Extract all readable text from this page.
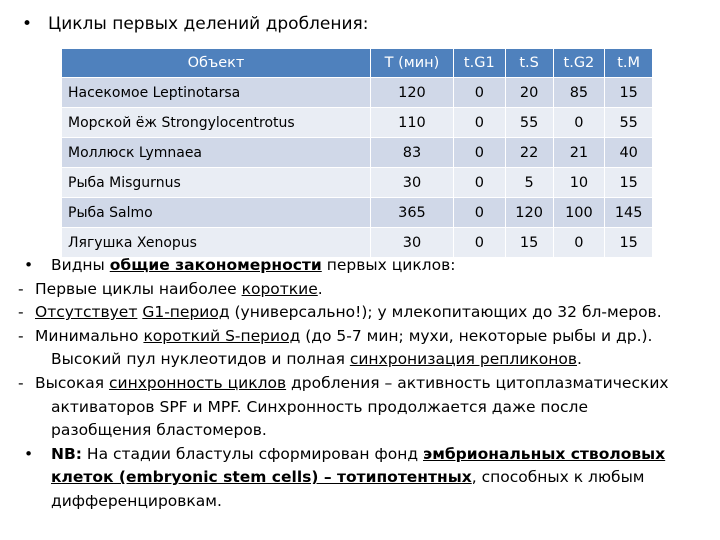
• Циклы первых делений дробления:
Объект	Т (мин)	t.G1	t.S	t.G2	t.M
Насекомое Leptinotarsa	120	0	20	85	15
Морской ёж Strongylocentrotus	110	0	55	0	55
Моллюск Lymnaea	83	0	22	21	40
Рыба Misgurnus	30	0	5	10	15
Рыба Salmo	365	0	120	100	145
Лягушка Xenopus	30	0	15	0	15
• Видны общие закономерности первых циклов:
- Первые циклы наиболее короткие.
- Отсутствует G1-период (универсально!); у млекопитающих до 32 бл-меров.
- Минимально короткий S-период (до 5-7 мин; мухи, некоторые рыбы и др.).
Высокий пул нуклеотидов и полная синхронизация репликонов.
- Высокая синхронность циклов дробления – активность цитоплазматических
активаторов SPF и MPF. Синхронность продолжается даже после
разобщения бластомеров.
• NB: На стадии бластулы сформирован фонд эмбриональных стволовых
клеток (embryonic stem cells) – тотипотентных, способных к любым
дифференцировкам.
